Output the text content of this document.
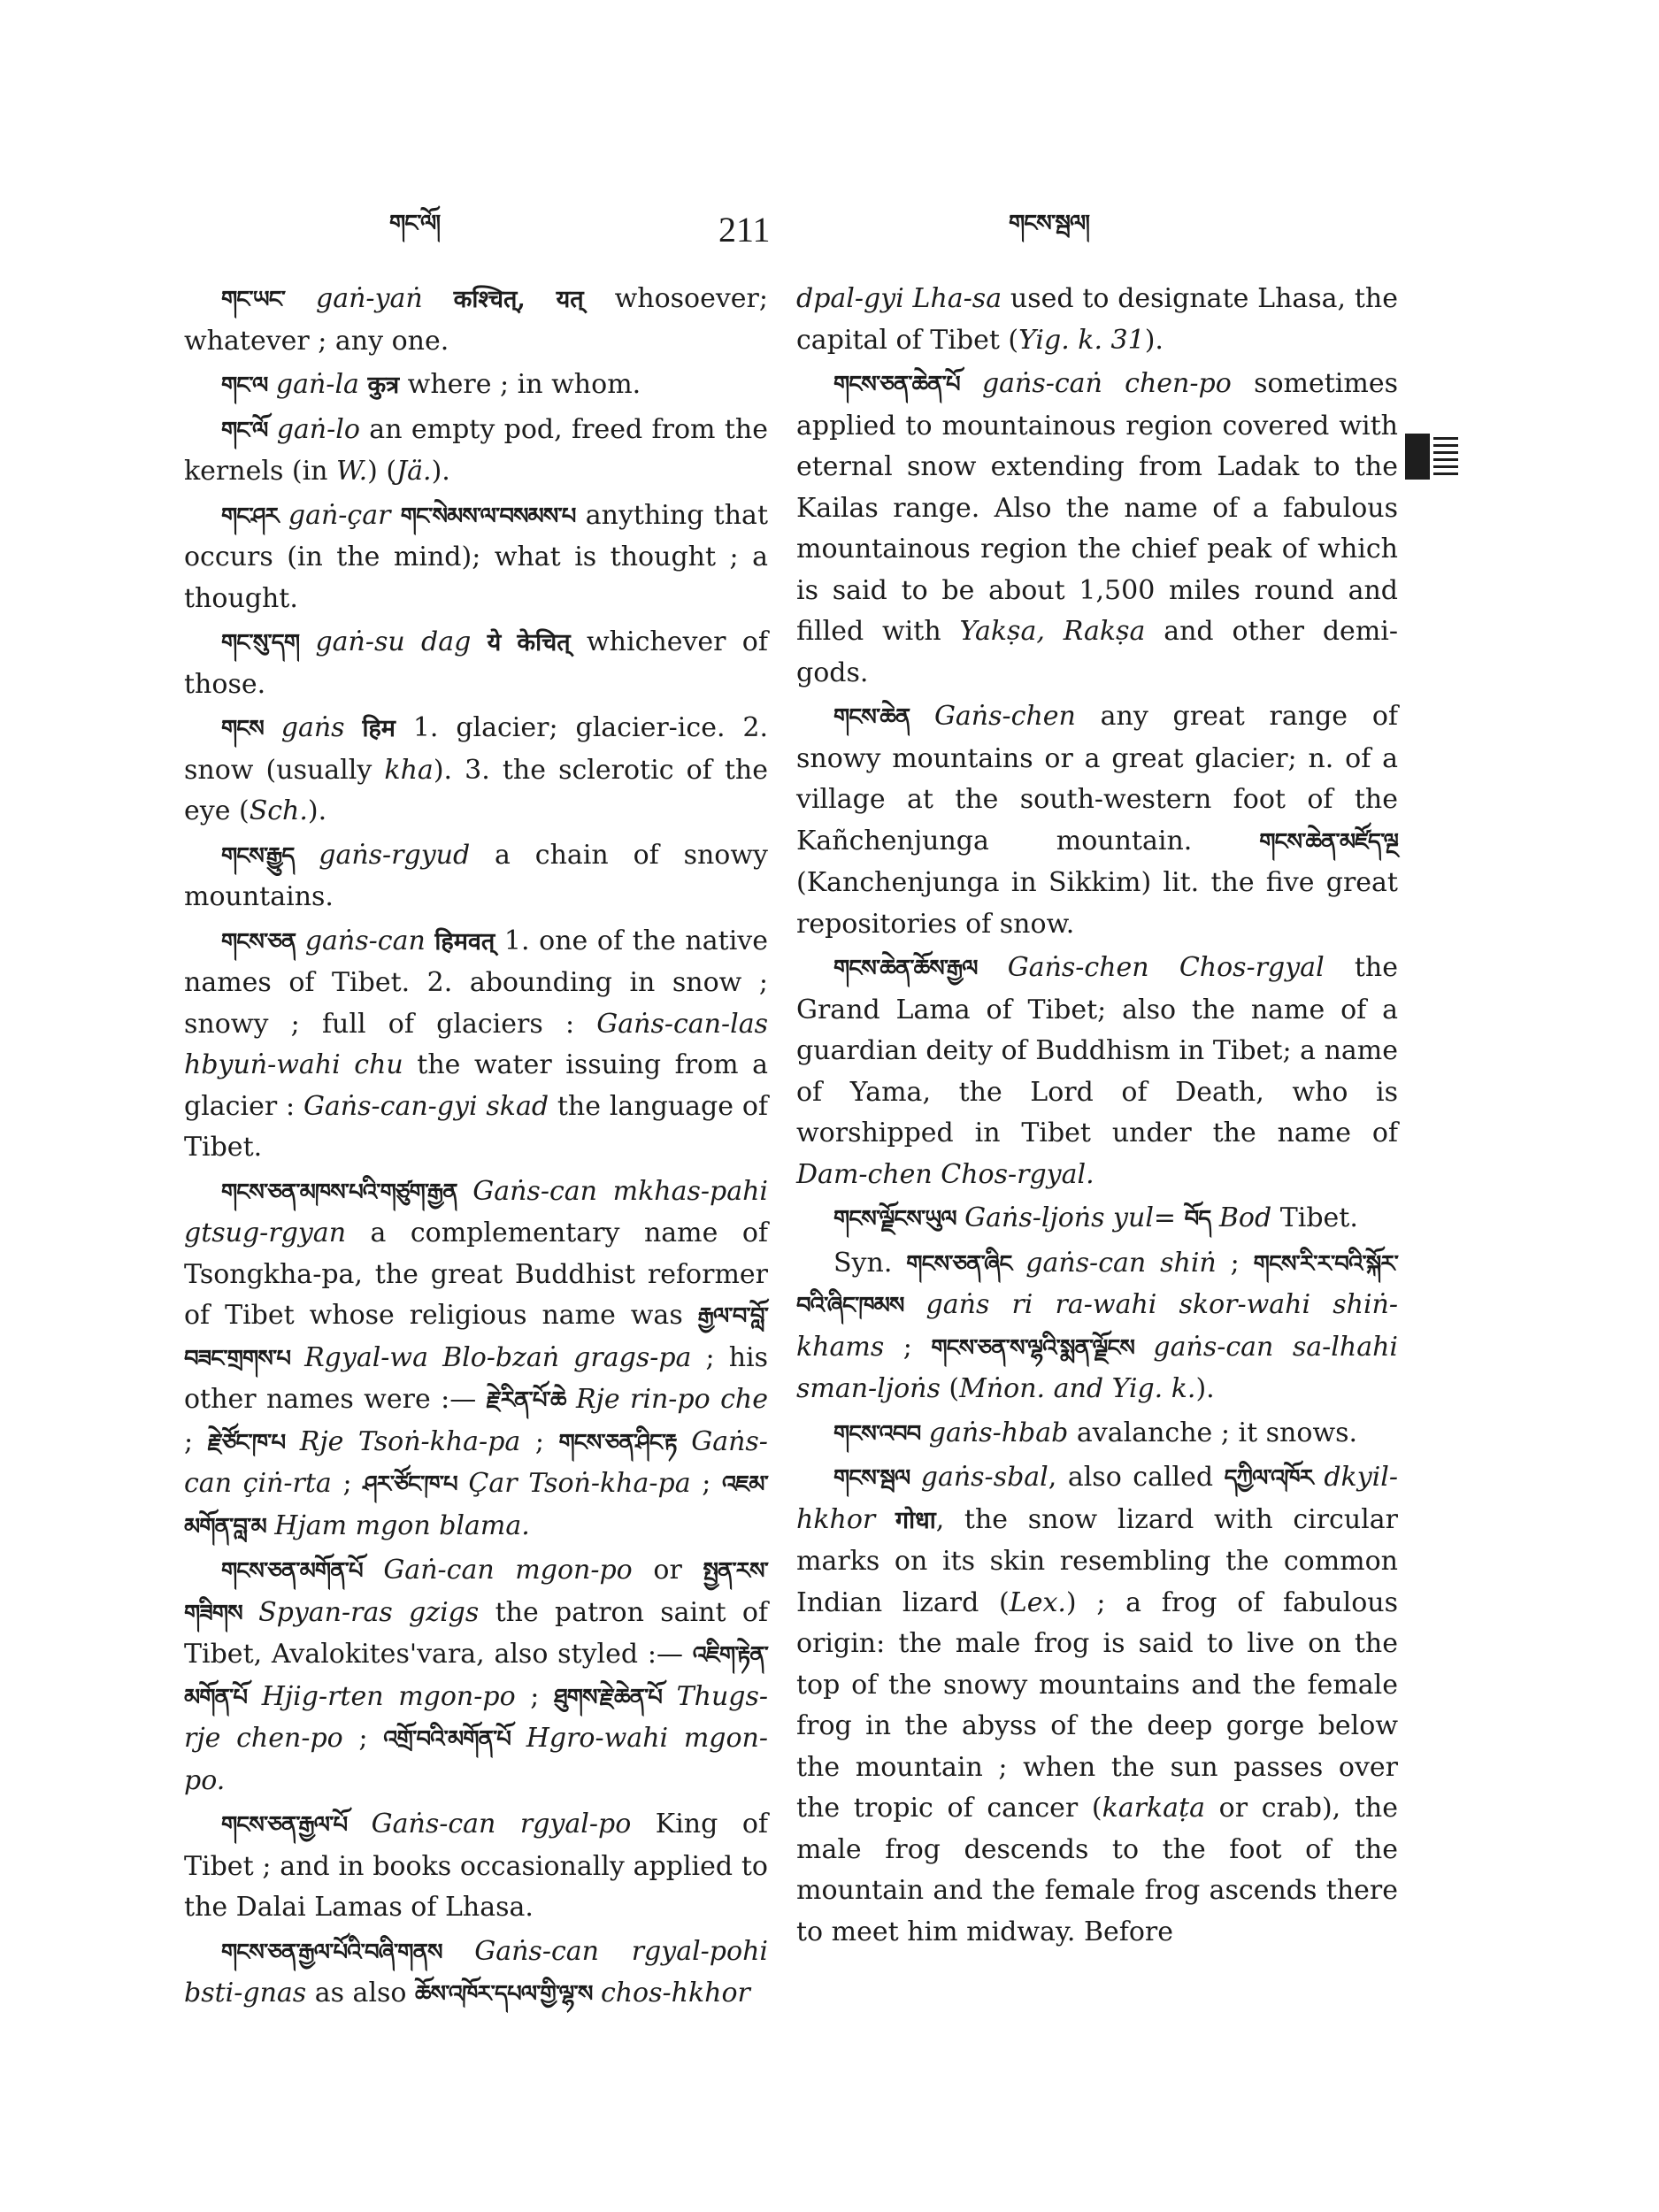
གང་ལོ།	211	གངས་སྦལ།

གང་ཡང་ gaṅ-yaṅ कश्चित्, यत् whosoever; whatever ; any one.

གང་ལ gaṅ-la कुत्र where ; in whom.

གང་ལོ gaṅ-lo an empty pod, freed from the kernels (in W.) (Jä.).

གང་ཤར gaṅ-çar གང་སེམས་ལ་བསམས་པ anything that occurs (in the mind); what is thought ; a thought.

གང་སུ་དག gaṅ-su dag ये केचित् whichever of those.

གངས gaṅs हिम 1. glacier; glacier-ice. 2. snow (usually kha). 3. the sclerotic of the eye (Sch.).

གངས་རྒྱུད gaṅs-rgyud a chain of snowy mountains.

གངས་ཅན gaṅs-can हिमवत् 1. one of the native names of Tibet. 2. abounding in snow ; snowy ; full of glaciers : Gaṅs-can-las hbyuṅ-wahi chu the water issuing from a glacier : Gaṅs-can-gyi skad the language of Tibet.

གངས་ཅན་མཁས་པའི་གཙུག་རྒྱན Gaṅs-can mkhas-pahi gtsug-rgyan a complementary name of Tsongkha-pa, the great Buddhist reformer of Tibet whose religious name was རྒྱལ་བ་བློ་བཟང་གྲགས་པ Rgyal-wa Blo-bzaṅ grags-pa ; his other names were :— རྗེ་རིན་པོ་ཆེ Rje rin-po che ; རྗེ་ཙོང་ཁ་པ Rje Tsoṅ-kha-pa ; གངས་ཅན་ཤིང་རྟ Gaṅs-can çiṅ-rta ; ཤར་ཙོང་ཁ་པ Çar Tsoṅ-kha-pa ; འཇམ་མགོན་བླ་མ Hjam mgon blama.

གངས་ཅན་མགོན་པོ Gaṅ-can mgon-po or སྤྱན་རས་གཟིགས Spyan-ras gzigs the patron saint of Tibet, Avalokites'vara, also styled :— འཇིག་རྟེན་མགོན་པོ Hjig-rten mgon-po ; ཐུགས་རྗེ་ཆེན་པོ Thugs-rje chen-po ; འགྲོ་བའི་མགོན་པོ Hgro-wahi mgon-po.

གངས་ཅན་རྒྱལ་པོ Gaṅs-can rgyal-po King of Tibet ; and in books occasionally applied to the Dalai Lamas of Lhasa.

གངས་ཅན་རྒྱལ་པོའི་བཞི་གནས Gaṅs-can rgyal-pohi bsti-gnas as also ཆོས་འཁོར་དཔལ་གྱི་ལྷ་ས chos-hkhor

dpal-gyi Lha-sa used to designate Lhasa, the capital of Tibet (Yig. k. 31).

གངས་ཅན་ཆེན་པོ gaṅs-caṅ chen-po sometimes applied to mountainous region covered with eternal snow extending from Ladak to the Kailas range. Also the name of a fabulous mountainous region the chief peak of which is said to be about 1,500 miles round and filled with Yakṣa, Rakṣa and other demi-gods.

གངས་ཆེན Gaṅs-chen any great range of snowy mountains or a great glacier; n. of a village at the south-western foot of the Kañchenjunga mountain. གངས་ཆེན་མཛོད་ལྔ (Kanchenjunga in Sikkim) lit. the five great repositories of snow.

གངས་ཆེན་ཆོས་རྒྱལ Gaṅs-chen Chos-rgyal the Grand Lama of Tibet; also the name of a guardian deity of Buddhism in Tibet; a name of Yama, the Lord of Death, who is worshipped in Tibet under the name of Dam-chen Chos-rgyal.

གངས་ལྗོངས་ཡུལ Gaṅs-ljoṅs yul= བོད Bod Tibet.

Syn. གངས་ཅན་ཞིང gaṅs-can shiṅ ; གངས་རི་ར་བའི་སྐོར་བའི་ཞིང་ཁམས gaṅs ri ra-wahi skor-wahi shiṅ-khams ; གངས་ཅན་ས་ལྷའི་སྨན་ལྗོངས gaṅs-can sa-lhahi sman-ljoṅs (Mṅon. and Yig. k.).

གངས་འབབ gaṅs-hbab avalanche ; it snows.

གངས་སྦལ gaṅs-sbal, also called དཀྱིལ་འཁོར dkyil-hkhor गोधा, the snow lizard with circular marks on its skin resembling the common Indian lizard (Lex.) ; a frog of fabulous origin: the male frog is said to live on the top of the snowy mountains and the female frog in the abyss of the deep gorge below the mountain ; when the sun passes over the tropic of cancer (karkaṭa or crab), the male frog descends to the foot of the mountain and the female frog ascends there to meet him midway. Before
